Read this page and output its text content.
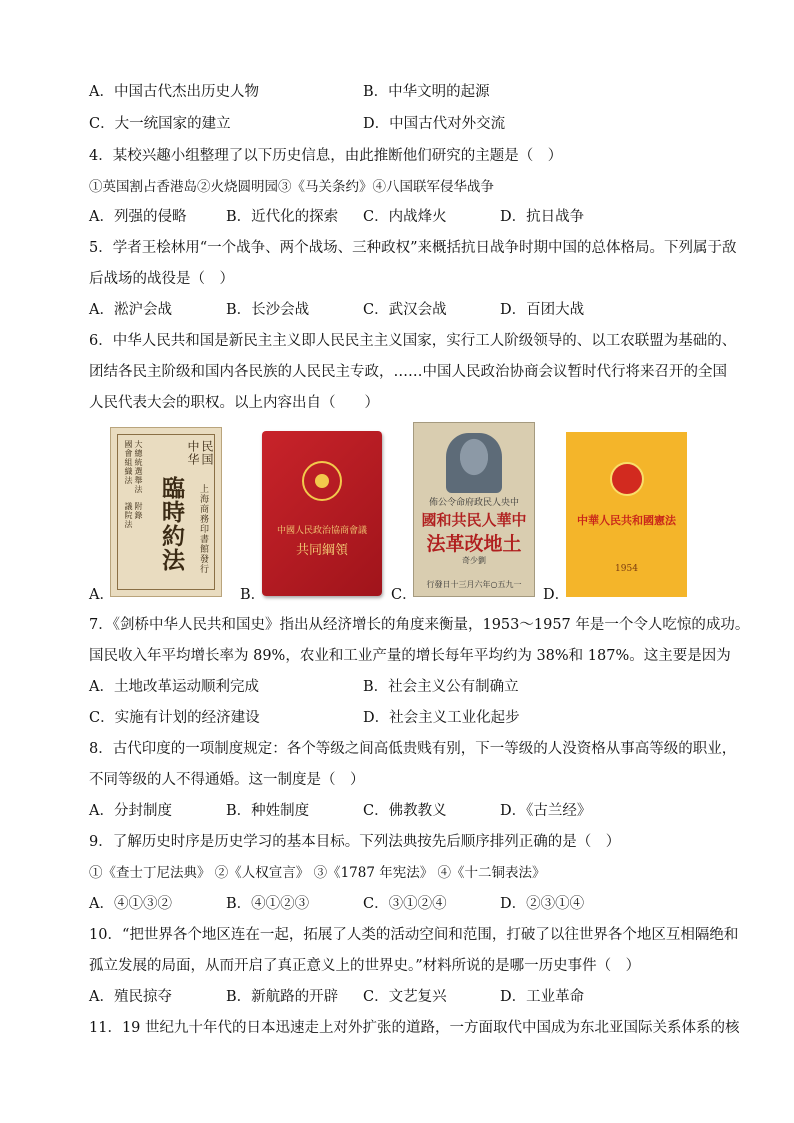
A．中国古代杰出历史人物	B．中华文明的起源
C．大一统国家的建立	D．中国古代对外交流
4．某校兴趣小组整理了以下历史信息，由此推断他们研究的主题是（　）
①英国割占香港岛②火烧圆明园③《马关条约》④八国联军侵华战争
A．列强的侵略	B．近代化的探索 C．内战烽火	D．抗日战争
5．学者王桧林用“一个战争、两个战场、三种政权”来概括抗日战争时期中国的总体格局。下列属于敌
后战场的战役是（　）
A．淞沪会战	B．长沙会战	C．武汉会战	D．百团大战
6．中华人民共和国是新民主主义即人民民主主义国家，实行工人阶级领导的、以工农联盟为基础的、
团结各民主阶级和国内各民族的人民民主专政，……中国人民政治协商会议暂时代行将来召开的全国
人民代表大会的职权。以上内容出自（　　）
中华 民国
臨時約法
大總統選舉法
國會組織法
附錄
議院法	上海商務印書館發行
A．
中國人民政治協商會議
共同綱領
B．
佈公令命府政民人央中
國和共民人華中
法革改地土
奇少劉
行發日十三月六年○五九一
C．
中華人民共和國憲法
1954
D．
7．《剑桥中华人民共和国史》指出从经济增长的角度来衡量，1953～1957 年是一个令人吃惊的成功。
国民收入年平均增长率为 89%，农业和工业产量的增长每年平均约为 38%和 187%。这主要是因为
A．土地改革运动顺利完成	B．社会主义公有制确立
C．实施有计划的经济建设	D．社会主义工业化起步
8．古代印度的一项制度规定：各个等级之间高低贵贱有别，下一等级的人没资格从事高等级的职业，
不同等级的人不得通婚。这一制度是（　）
A．分封制度	B．种姓制度	C．佛教教义	D．《古兰经》
9．了解历史时序是历史学习的基本目标。下列法典按先后顺序排列正确的是（　）
①《查士丁尼法典》 ②《人权宣言》 ③《1787 年宪法》 ④《十二铜表法》
A．④①③②	B．④①②③	C．③①②④	D．②③①④
10．“把世界各个地区连在一起，拓展了人类的活动空间和范围，打破了以往世界各个地区互相隔绝和
孤立发展的局面，从而开启了真正意义上的世界史。”材料所说的是哪一历史事件（　）
A．殖民掠夺	B．新航路的开辟 C．文艺复兴	D．工业革命
11．19 世纪九十年代的日本迅速走上对外扩张的道路，一方面取代中国成为东北亚国际关系体系的核
